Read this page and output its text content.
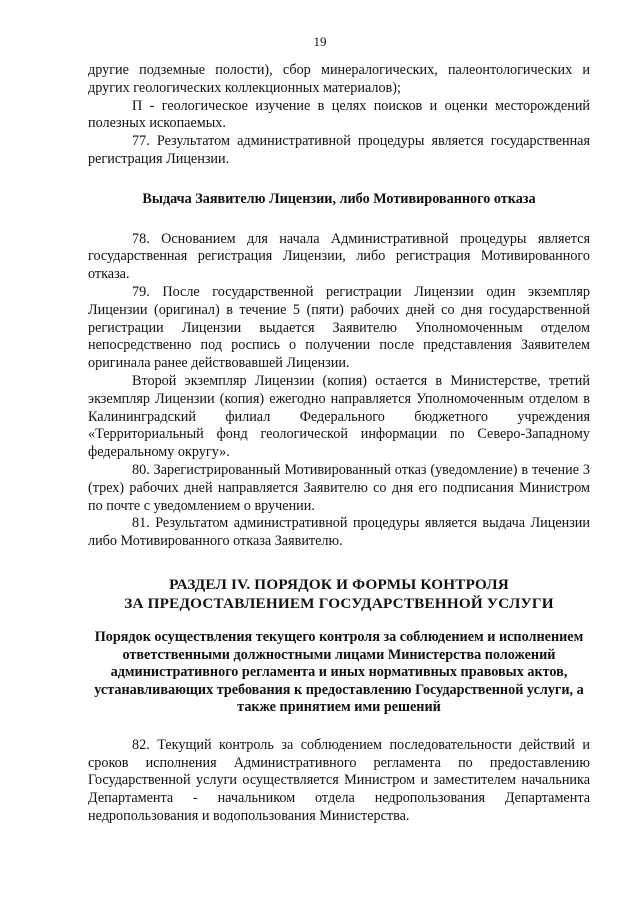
19

другие подземные полости), сбор минералогических, палеонтологических и других геологических коллекционных материалов);

П - геологическое изучение в целях поисков и оценки месторождений полезных ископаемых.

77. Результатом административной процедуры является государственная регистрация Лицензии.

Выдача Заявителю Лицензии, либо Мотивированного отказа

78. Основанием для начала Административной процедуры является государственная регистрация Лицензии, либо регистрация Мотивированного отказа.

79. После государственной регистрации Лицензии один экземпляр Лицензии (оригинал) в течение 5 (пяти) рабочих дней со дня государственной регистрации Лицензии выдается Заявителю Уполномоченным отделом непосредственно под роспись о получении после представления Заявителем оригинала ранее действовавшей Лицензии.

Второй экземпляр Лицензии (копия) остается в Министерстве, третий экземпляр Лицензии (копия) ежегодно направляется Уполномоченным отделом в Калининградский филиал Федерального бюджетного учреждения «Территориальный фонд геологической информации по Северо-Западному федеральному округу».

80. Зарегистрированный Мотивированный отказ (уведомление) в течение 3 (трех) рабочих дней направляется Заявителю со дня его подписания Министром по почте с уведомлением о вручении.

81. Результатом административной процедуры является выдача Лицензии либо Мотивированного отказа Заявителю.

РАЗДЕЛ IV. ПОРЯДОК И ФОРМЫ КОНТРОЛЯ
ЗА ПРЕДОСТАВЛЕНИЕМ ГОСУДАРСТВЕННОЙ УСЛУГИ
Порядок осуществления текущего контроля за соблюдением и исполнением ответственными должностными лицами Министерства положений административного регламента и иных нормативных правовых актов, устанавливающих требования к предоставлению Государственной услуги, а также принятием ими решений

82. Текущий контроль за соблюдением последовательности действий и сроков исполнения Административного регламента по предоставлению Государственной услуги осуществляется Министром и заместителем начальника Департамента - начальником отдела недропользования Департамента недропользования и водопользования Министерства.
